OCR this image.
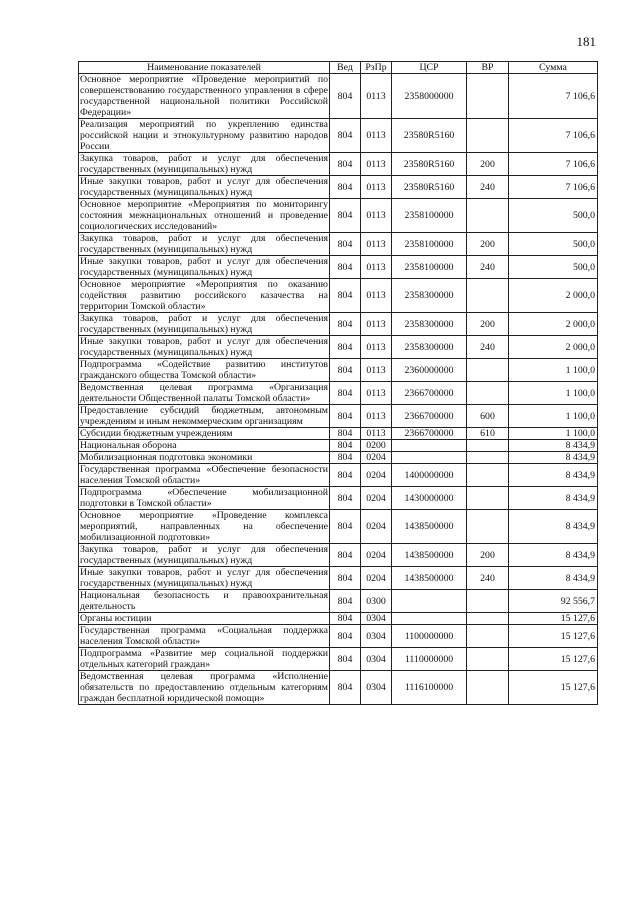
181
Наименование показателей	Вед	РзПр	ЦСР	ВР	Сумма
Основное мероприятие «Проведение мероприятий по совершенствованию государственного управления в сфере государственной национальной политики Российской Федерации»	804	0113	2358000000		7 106,6
Реализация мероприятий по укреплению единства российской нации и этнокультурному развитию народов России	804	0113	23580R5160		7 106,6
Закупка товаров, работ и услуг для обеспечения государственных (муниципальных) нужд	804	0113	23580R5160	200	7 106,6
Иные закупки товаров, работ и услуг для обеспечения государственных (муниципальных) нужд	804	0113	23580R5160	240	7 106,6
Основное мероприятие «Мероприятия по мониторингу состояния межнациональных отношений и проведение социологических исследований»	804	0113	2358100000		500,0
Закупка товаров, работ и услуг для обеспечения государственных (муниципальных) нужд	804	0113	2358100000	200	500,0
Иные закупки товаров, работ и услуг для обеспечения государственных (муниципальных) нужд	804	0113	2358100000	240	500,0
Основное мероприятие «Мероприятия по оказанию содействия развитию российского казачества на территории Томской области»	804	0113	2358300000		2 000,0
Закупка товаров, работ и услуг для обеспечения государственных (муниципальных) нужд	804	0113	2358300000	200	2 000,0
Иные закупки товаров, работ и услуг для обеспечения государственных (муниципальных) нужд	804	0113	2358300000	240	2 000,0
Подпрограмма «Содействие развитию институтов гражданского общества Томской области»	804	0113	2360000000		1 100,0
Ведомственная целевая программа «Организация деятельности Общественной палаты Томской области»	804	0113	2366700000		1 100,0
Предоставление субсидий бюджетным, автономным учреждениям и иным некоммерческим организациям	804	0113	2366700000	600	1 100,0
Субсидии бюджетным учреждениям	804	0113	2366700000	610	1 100,0
Национальная оборона	804	0200			8 434,9
Мобилизационная подготовка экономики	804	0204			8 434,9
Государственная программа «Обеспечение безопасности населения Томской области»	804	0204	1400000000		8 434,9
Подпрограмма «Обеспечение мобилизационной подготовки в Томской области»	804	0204	1430000000		8 434,9
Основное мероприятие «Проведение комплекса мероприятий, направленных на обеспечение мобилизационной подготовки»	804	0204	1438500000		8 434,9
Закупка товаров, работ и услуг для обеспечения государственных (муниципальных) нужд	804	0204	1438500000	200	8 434,9
Иные закупки товаров, работ и услуг для обеспечения государственных (муниципальных) нужд	804	0204	1438500000	240	8 434,9
Национальная безопасность и правоохранительная деятельность	804	0300			92 556,7
Органы юстиции	804	0304			15 127,6
Государственная программа «Социальная поддержка населения Томской области»	804	0304	1100000000		15 127,6
Подпрограмма «Развитие мер социальной поддержки отдельных категорий граждан»	804	0304	1110000000		15 127,6
Ведомственная целевая программа «Исполнение обязательств по предоставлению отдельным категориям граждан бесплатной юридической помощи»	804	0304	1116100000		15 127,6
